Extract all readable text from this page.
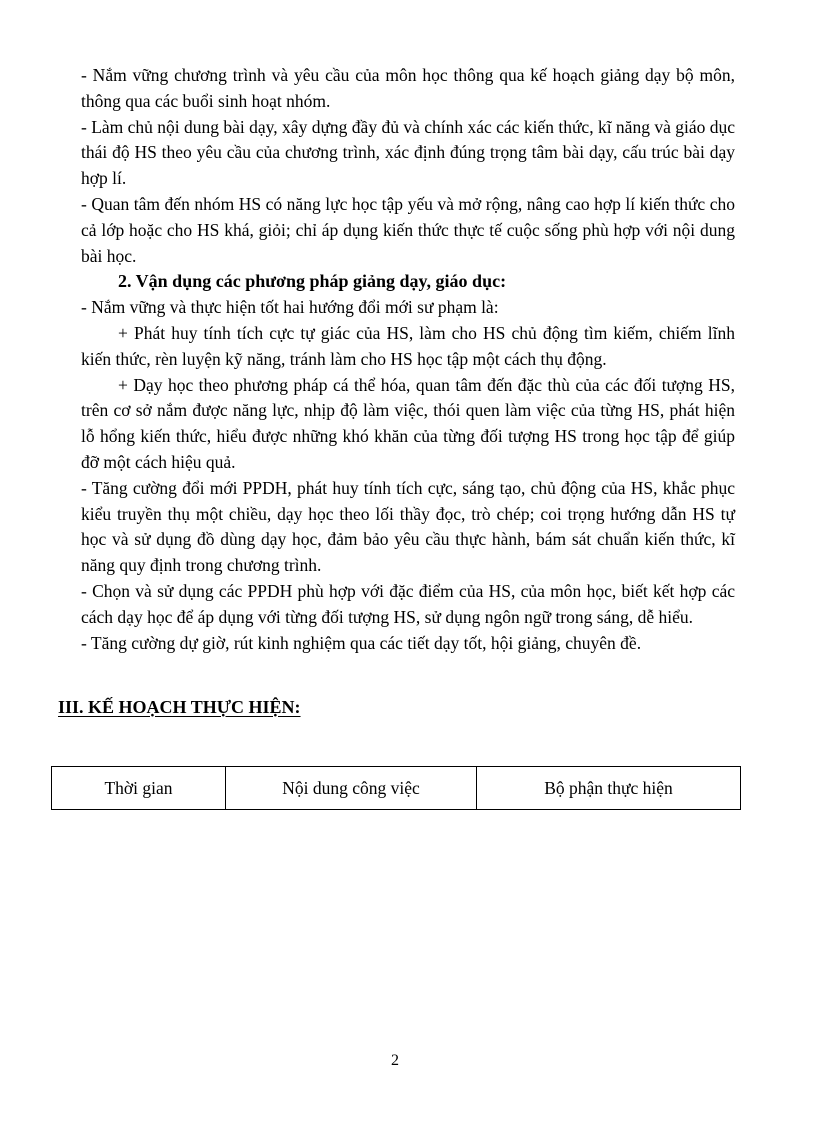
- Nắm vững chương trình và yêu cầu của môn học thông qua kế hoạch giảng dạy bộ môn, thông qua các buổi sinh hoạt nhóm.

- Làm chủ nội dung bài dạy, xây dựng đầy đủ và chính xác các kiến thức, kĩ năng và giáo dục thái độ HS theo yêu cầu của chương trình, xác định đúng trọng tâm bài dạy, cấu trúc bài dạy hợp lí.

- Quan tâm đến nhóm HS có năng lực học tập yếu và mở rộng, nâng cao hợp lí kiến thức cho cả lớp hoặc cho HS khá, giỏi; chỉ áp dụng kiến thức thực tế cuộc sống phù hợp với nội dung bài học.

2. Vận dụng các phương pháp giảng dạy, giáo dục:

- Nắm vững và thực hiện tốt hai hướng đổi mới sư phạm là:

+ Phát huy tính tích cực tự giác của HS, làm cho HS chủ động tìm kiếm, chiếm lĩnh kiến thức, rèn luyện kỹ năng, tránh làm cho HS học tập một cách thụ động.

+ Dạy học theo phương pháp cá thể hóa, quan tâm đến đặc thù của các đối tượng HS, trên cơ sở nắm được năng lực, nhịp độ làm việc, thói quen làm việc của từng HS, phát hiện lỗ hổng kiến thức, hiểu được những khó khăn của từng đối tượng HS trong học tập để giúp đỡ một cách hiệu quả.

- Tăng cường đổi mới PPDH, phát huy tính tích cực, sáng tạo, chủ động của HS, khắc phục kiểu truyền thụ một chiều, dạy học theo lối thầy đọc, trò chép; coi trọng hướng dẫn HS tự học và sử dụng đồ dùng dạy học, đảm bảo yêu cầu thực hành, bám sát chuẩn kiến thức, kĩ năng quy định trong chương trình.

- Chọn và sử dụng các PPDH phù hợp với đặc điểm của HS, của môn học, biết kết hợp các cách dạy học để áp dụng với từng đối tượng HS, sử dụng ngôn ngữ trong sáng, dễ hiểu.

- Tăng cường dự giờ, rút kinh nghiệm qua các tiết dạy tốt, hội giảng, chuyên đề.

III. KẾ HOẠCH THỰC HIỆN:

Thời gian	Nội dung công việc	Bộ phận thực hiện
2
